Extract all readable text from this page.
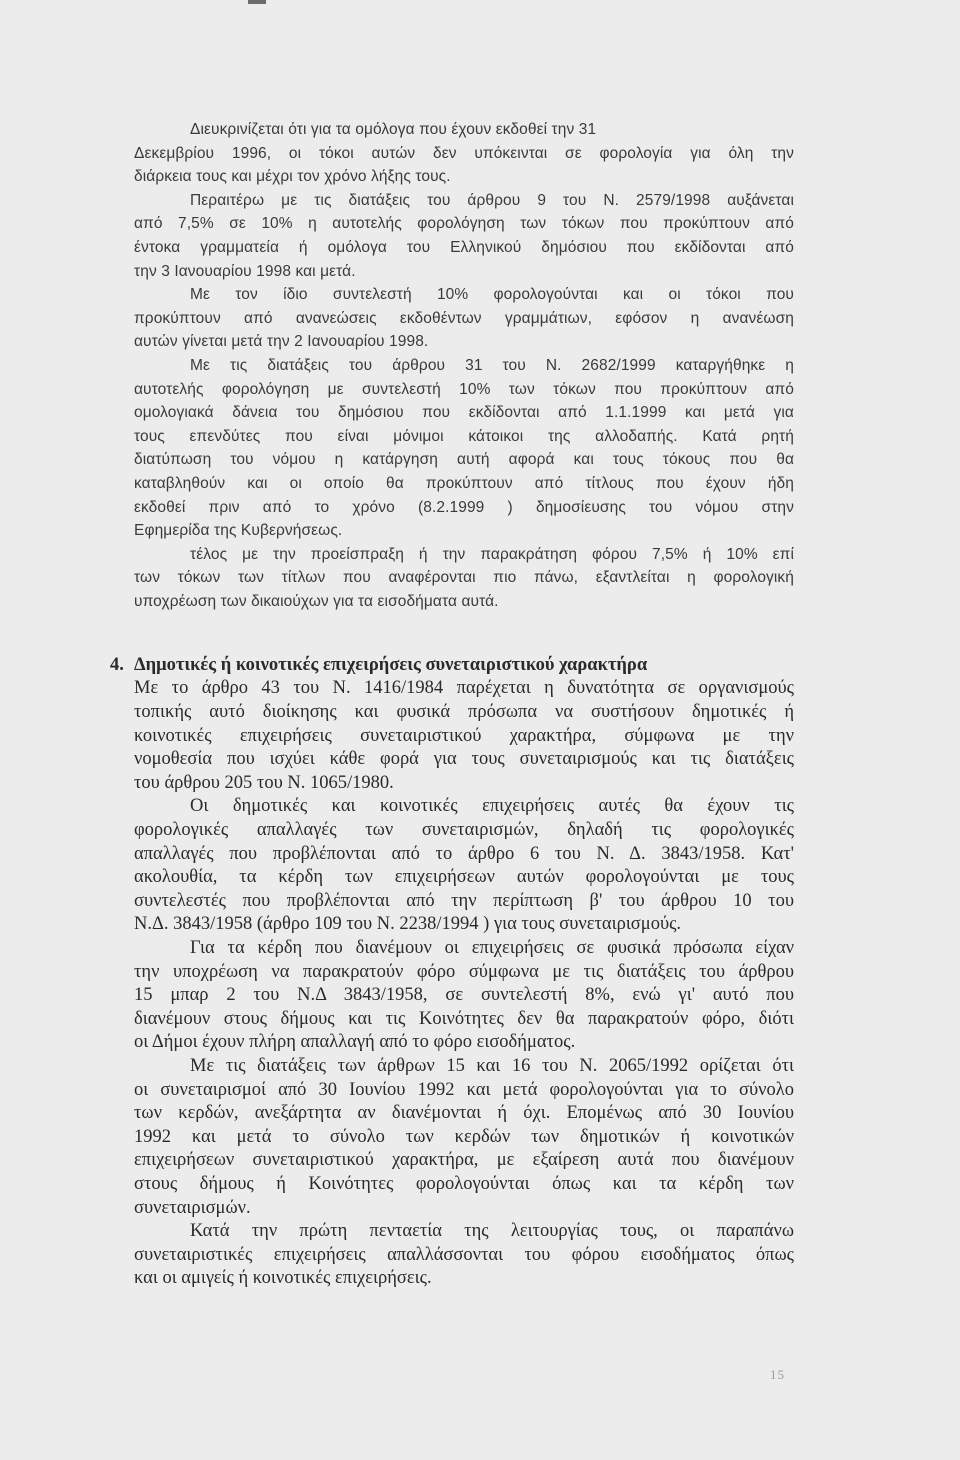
Διευκρινίζεται ότι για τα ομόλογα που έχουν εκδοθεί την 31
Δεκεμβρίου 1996, οι τόκοι αυτών δεν υπόκεινται σε φορολογία για όλη την
διάρκεια τους και μέχρι τον χρόνο λήξης τους.
Περαιτέρω με τις διατάξεις του άρθρου 9 του Ν. 2579/1998 αυξάνεται
από 7,5% σε 10% η αυτοτελής φορολόγηση των τόκων που προκύπτουν από
έντοκα γραμματεία ή ομόλογα του Ελληνικού δημόσιου που εκδίδονται από
την 3 Ιανουαρίου 1998 και μετά.
Με τον ίδιο συντελεστή 10% φορολογούνται και οι τόκοι που
προκύπτουν από ανανεώσεις εκδοθέντων γραμμάτιων, εφόσον η ανανέωση
αυτών γίνεται μετά την 2 Ιανουαρίου 1998.
Με τις διατάξεις του άρθρου 31 του Ν. 2682/1999 καταργήθηκε η
αυτοτελής φορολόγηση με συντελεστή 10% των τόκων που προκύπτουν από
ομολογιακά δάνεια του δημόσιου που εκδίδονται από 1.1.1999 και μετά για
τους επενδύτες που είναι μόνιμοι κάτοικοι της αλλοδαπής. Κατά ρητή
διατύπωση του νόμου η κατάργηση αυτή αφορά και τους τόκους που θα
καταβληθούν και οι οποίο θα προκύπτουν από τίτλους που έχουν ήδη
εκδοθεί πριν από το χρόνο (8.2.1999 ) δημοσίευσης του νόμου στην
Εφημερίδα της Κυβερνήσεως.
τέλος με την προείσπραξη ή την παρακράτηση φόρου 7,5% ή 10% επί
των τόκων των τίτλων που αναφέρονται πιο πάνω, εξαντλείται η φορολογική
υποχρέωση των δικαιούχων για τα εισοδήματα αυτά.
4. Δημοτικές ή κοινοτικές επιχειρήσεις συνεταιριστικού χαρακτήρα
Με το άρθρο 43 του Ν. 1416/1984 παρέχεται η δυνατότητα σε οργανισμούς
τοπικής αυτό διοίκησης και φυσικά πρόσωπα να συστήσουν δημοτικές ή
κοινοτικές επιχειρήσεις συνεταιριστικού χαρακτήρα, σύμφωνα με την
νομοθεσία που ισχύει κάθε φορά για τους συνεταιρισμούς και τις διατάξεις
του άρθρου 205 του Ν. 1065/1980.
Οι δημοτικές και κοινοτικές επιχειρήσεις αυτές θα έχουν τις
φορολογικές απαλλαγές των συνεταιρισμών, δηλαδή τις φορολογικές
απαλλαγές που προβλέπονται από το άρθρο 6 του Ν. Δ. 3843/1958. Κατ'
ακολουθία, τα κέρδη των επιχειρήσεων αυτών φορολογούνται με τους
συντελεστές που προβλέπονται από την περίπτωση β' του άρθρου 10 του
Ν.Δ. 3843/1958 (άρθρο 109 του Ν. 2238/1994 ) για τους συνεταιρισμούς.
Για τα κέρδη που διανέμουν οι επιχειρήσεις σε φυσικά πρόσωπα είχαν
την υποχρέωση να παρακρατούν φόρο σύμφωνα με τις διατάξεις του άρθρου
15 μπαρ 2 του Ν.Δ 3843/1958, σε συντελεστή 8%, ενώ γι' αυτό που
διανέμουν στους δήμους και τις Κοινότητες δεν θα παρακρατούν φόρο, διότι
οι Δήμοι έχουν πλήρη απαλλαγή από το φόρο εισοδήματος.
Με τις διατάξεις των άρθρων 15 και 16 του Ν. 2065/1992 ορίζεται ότι
οι συνεταιρισμοί από 30 Ιουνίου 1992 και μετά φορολογούνται για το σύνολο
των κερδών, ανεξάρτητα αν διανέμονται ή όχι. Επομένως από 30 Ιουνίου
1992 και μετά το σύνολο των κερδών των δημοτικών ή κοινοτικών
επιχειρήσεων συνεταιριστικού χαρακτήρα, με εξαίρεση αυτά που διανέμουν
στους δήμους ή Κοινότητες φορολογούνται όπως και τα κέρδη των
συνεταιρισμών.
Κατά την πρώτη πενταετία της λειτουργίας τους, οι παραπάνω
συνεταιριστικές επιχειρήσεις απαλλάσσονται του φόρου εισοδήματος όπως
και οι αμιγείς ή κοινοτικές επιχειρήσεις.
15
